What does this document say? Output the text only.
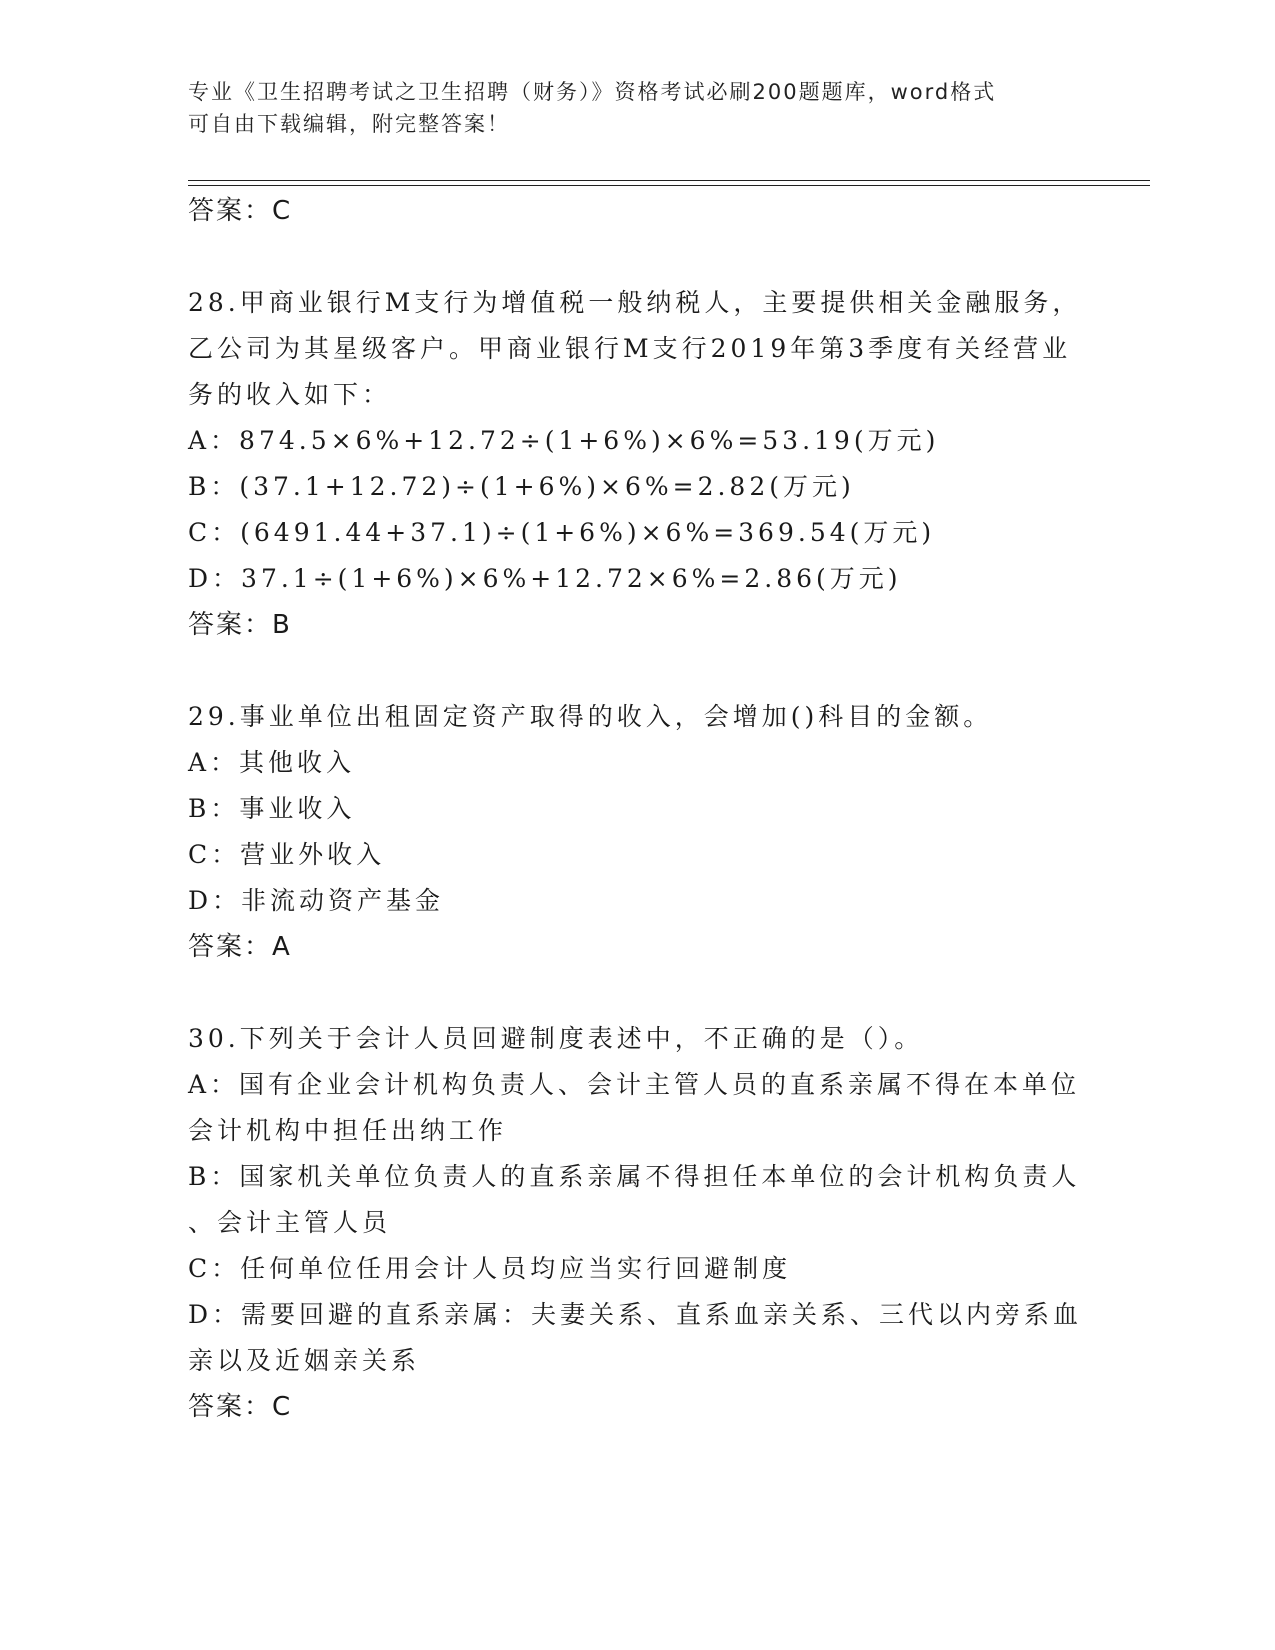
专业《卫生招聘考试之卫生招聘（财务）》资格考试必刷200题题库，word格式
可自由下载编辑，附完整答案！
答案：C
28.甲商业银行M支行为增值税一般纳税人，主要提供相关金融服务，
乙公司为其星级客户。甲商业银行M支行2019年第3季度有关经营业
务的收入如下：
A：874.5×6%+12.72÷(1+6%)×6%=53.19(万元)
B：(37.1+12.72)÷(1+6%)×6%=2.82(万元)
C：(6491.44+37.1)÷(1+6%)×6%=369.54(万元)
D：37.1÷(1+6%)×6%+12.72×6%=2.86(万元)
答案：B
29.事业单位出租固定资产取得的收入，会增加()科目的金额。
A：其他收入
B：事业收入
C：营业外收入
D：非流动资产基金
答案：A
30.下列关于会计人员回避制度表述中，不正确的是（）。
A：国有企业会计机构负责人、会计主管人员的直系亲属不得在本单位
会计机构中担任出纳工作
B：国家机关单位负责人的直系亲属不得担任本单位的会计机构负责人
、会计主管人员
C：任何单位任用会计人员均应当实行回避制度
D：需要回避的直系亲属：夫妻关系、直系血亲关系、三代以内旁系血
亲以及近姻亲关系
答案：C
